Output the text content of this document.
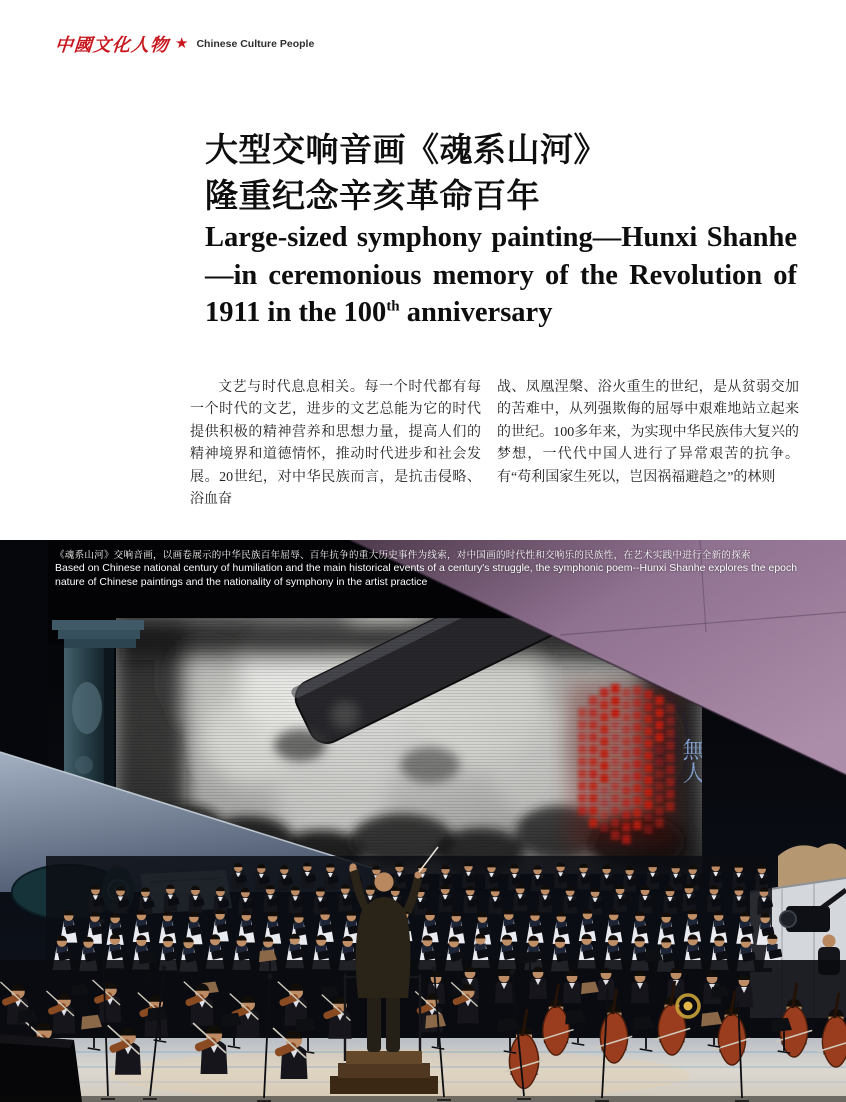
中國文化人物 ★ Chinese Culture People
大型交响音画《魂系山河》
隆重纪念辛亥革命百年
Large-sized symphony painting—Hunxi Shanhe
—in ceremonious memory of the Revolution of
1911 in the 100th anniversary

文艺与时代息息相关。每一个时代都有每一个时代的文艺，进步的文艺总能为它的时代提供积极的精神营养和思想力量，提高人们的精神境界和道德情怀，推动时代进步和社会发展。20世纪，对中华民族而言，是抗击侵略、浴血奋

战、凤凰涅槃、浴火重生的世纪，是从贫弱交加的苦难中，从列强欺侮的屈辱中艰难地站立起来的世纪。100多年来，为实现中华民族伟大复兴的梦想，一代代中国人进行了异常艰苦的抗争。有“苟利国家生死以，岂因祸福避趋之”的林则

《魂系山河》交响音画，以画卷展示的中华民族百年屈辱、百年抗争的重大历史事件为线索，对中国画的时代性和交响乐的民族性，在艺术实践中进行全新的探索
Based on Chinese national century of humiliation and the main historical events of a century's struggle, the symphonic poem--Hunxi Shanhe explores the epoch
nature of Chinese paintings and the nationality of symphony in the artist practice
